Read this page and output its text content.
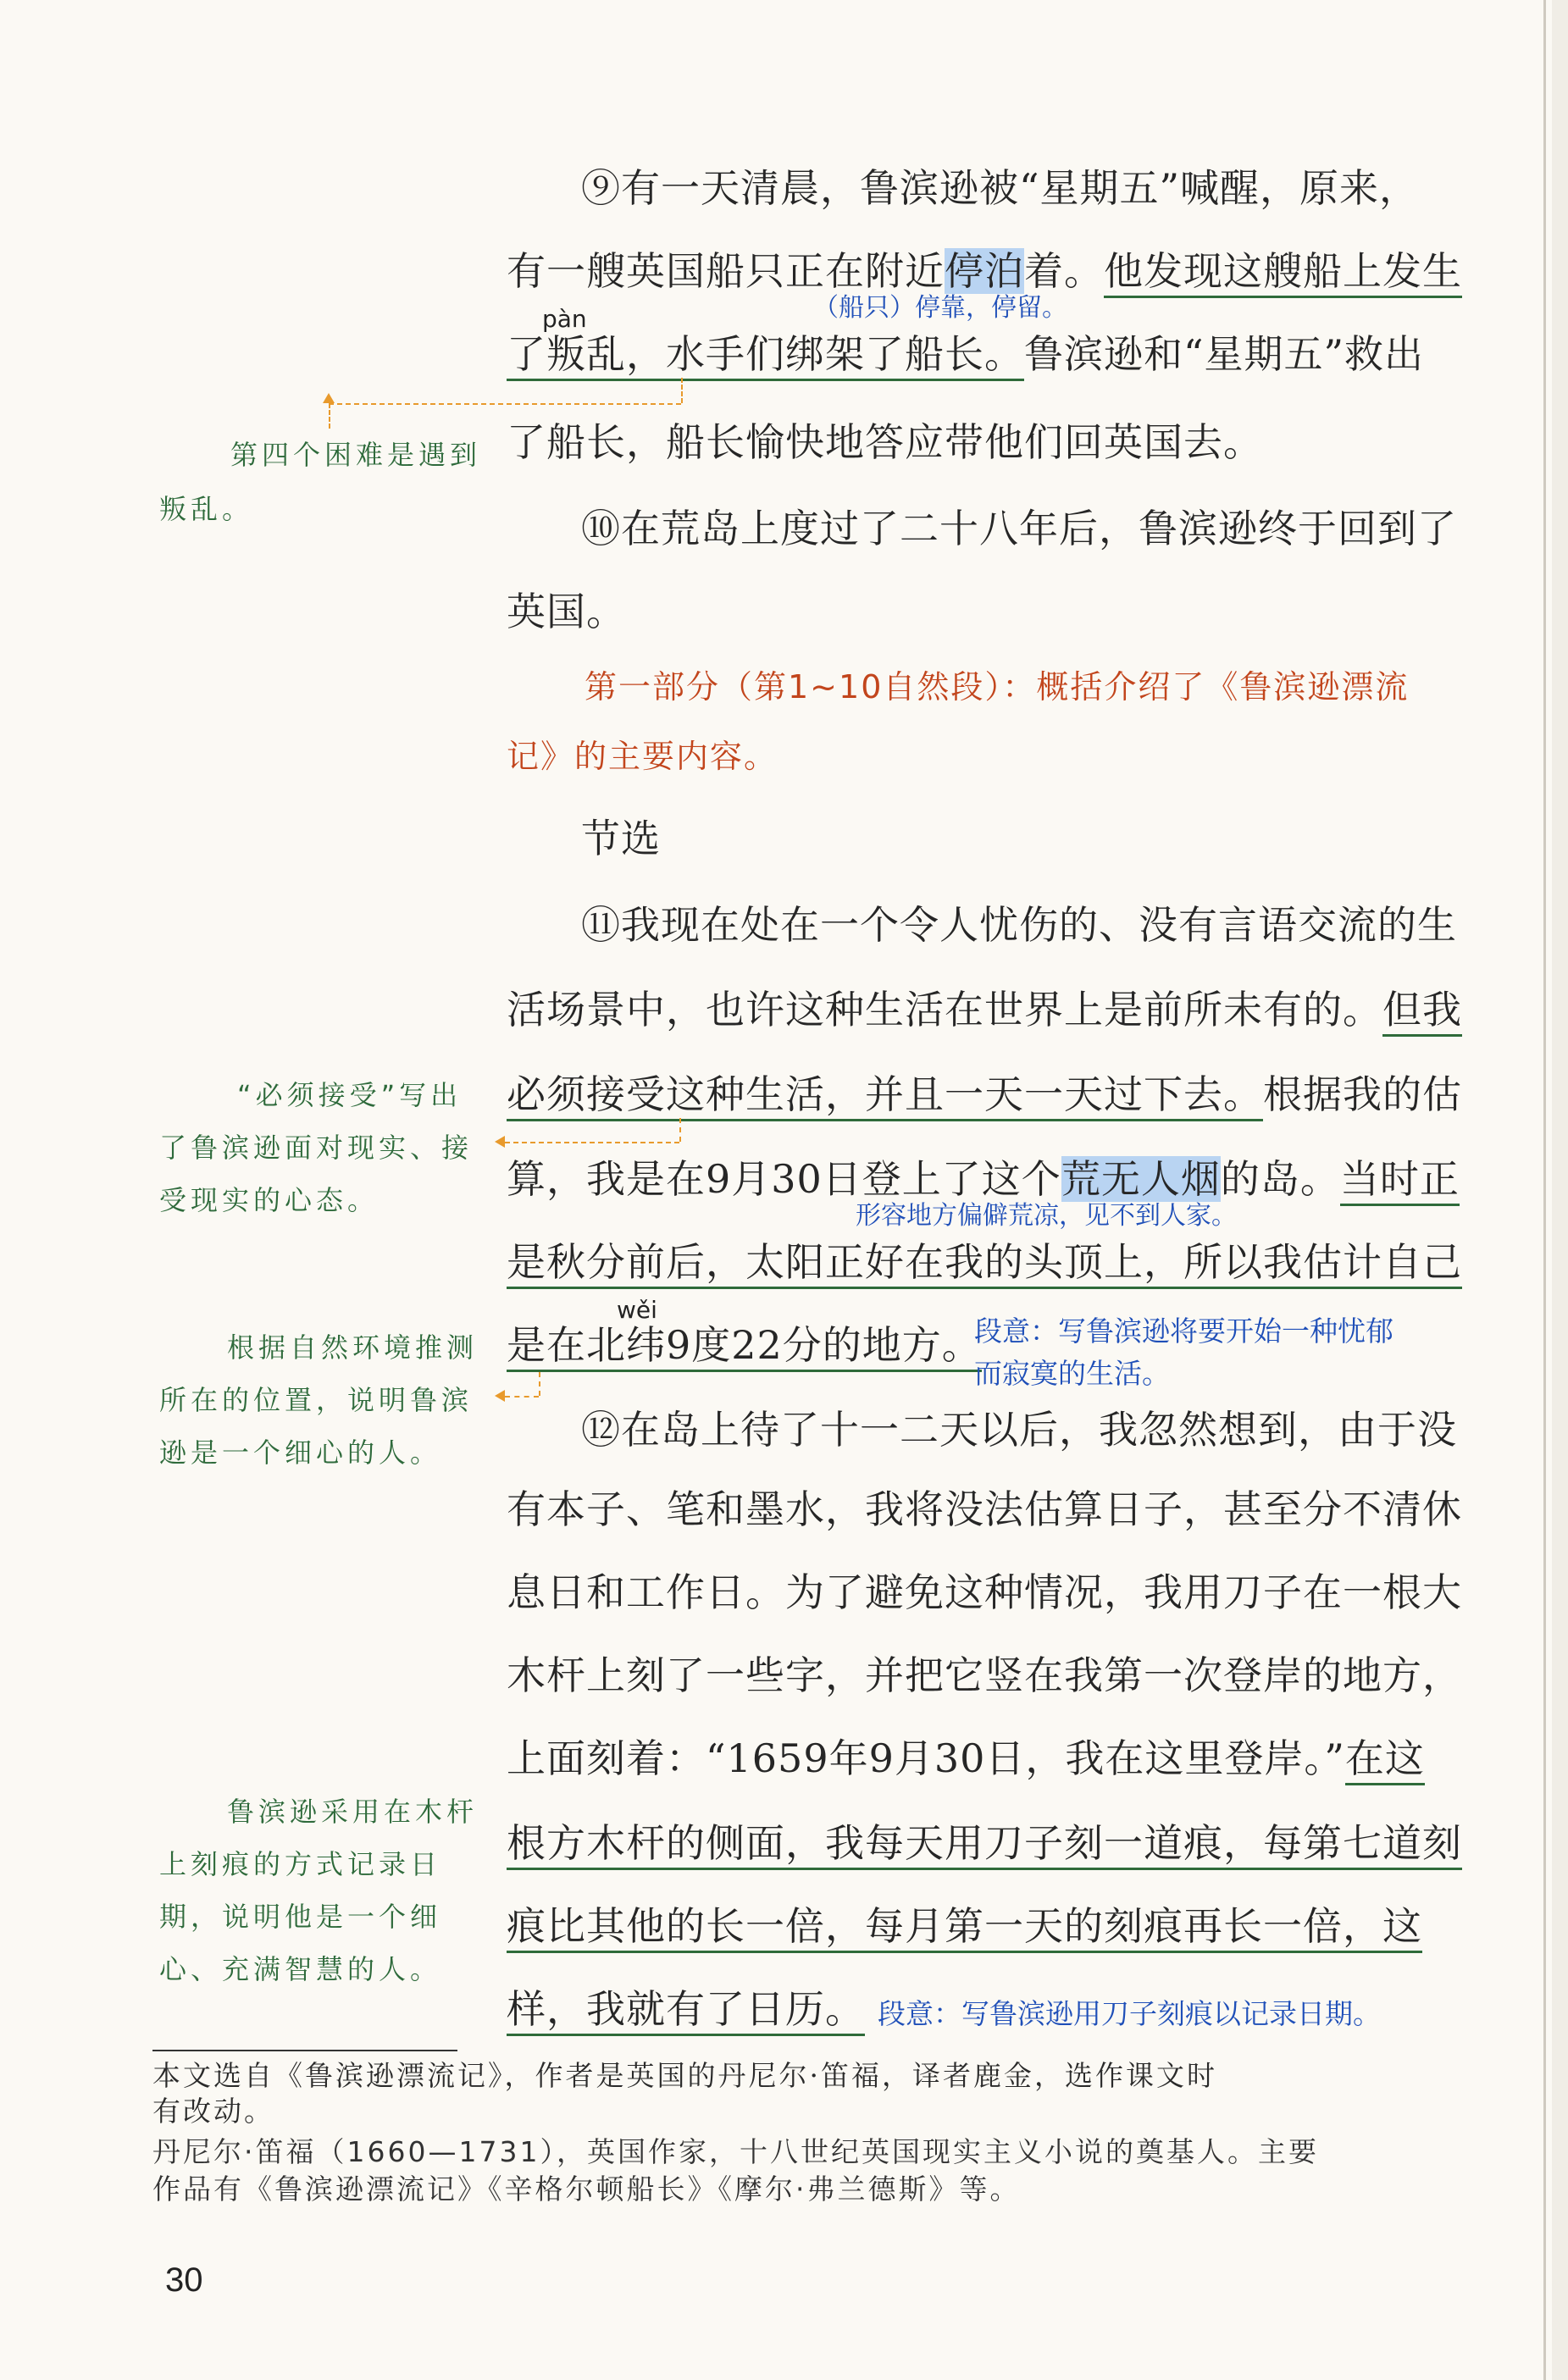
⑨有一天清晨，鲁滨逊被“星期五”喊醒，原来，
有一艘英国船只正在附近停泊着。他发现这艘船上发生
（船只）停靠，停留。
pàn
了叛乱，水手们绑架了船长。鲁滨逊和“星期五”救出
了船长，船长愉快地答应带他们回英国去。
⑩在荒岛上度过了二十八年后，鲁滨逊终于回到了
英国。
第一部分（第1~10自然段）：概括介绍了《鲁滨逊漂流
记》的主要内容。
节选
⑪我现在处在一个令人忧伤的、没有言语交流的生
活场景中，也许这种生活在世界上是前所未有的。但我
必须接受这种生活，并且一天一天过下去。根据我的估
算，我是在9月30日登上了这个荒无人烟的岛。当时正
形容地方偏僻荒凉，见不到人家。
是秋分前后，太阳正好在我的头顶上，所以我估计自己
wěi
是在北纬9度22分的地方。
段意：写鲁滨逊将要开始一种忧郁
而寂寞的生活。
⑫在岛上待了十一二天以后，我忽然想到，由于没
有本子、笔和墨水，我将没法估算日子，甚至分不清休
息日和工作日。为了避免这种情况，我用刀子在一根大
木杆上刻了一些字，并把它竖在我第一次登岸的地方，
上面刻着：“1659年9月30日，我在这里登岸。”在这
根方木杆的侧面，我每天用刀子刻一道痕，每第七道刻
痕比其他的长一倍，每月第一天的刻痕再长一倍，这
样，我就有了日历。 段意：写鲁滨逊用刀子刻痕以记录日期。
第四个困难是遇到
叛乱。
“必须接受”写出
了鲁滨逊面对现实、接
受现实的心态。
根据自然环境推测
所在的位置，说明鲁滨
逊是一个细心的人。
鲁滨逊采用在木杆
上刻痕的方式记录日
期，说明他是一个细
心、充满智慧的人。
本文选自《鲁滨逊漂流记》，作者是英国的丹尼尔·笛福，译者鹿金，选作课文时
有改动。
丹尼尔·笛福（1660—1731），英国作家，十八世纪英国现实主义小说的奠基人。主要
作品有《鲁滨逊漂流记》《辛格尔顿船长》《摩尔·弗兰德斯》等。
30
